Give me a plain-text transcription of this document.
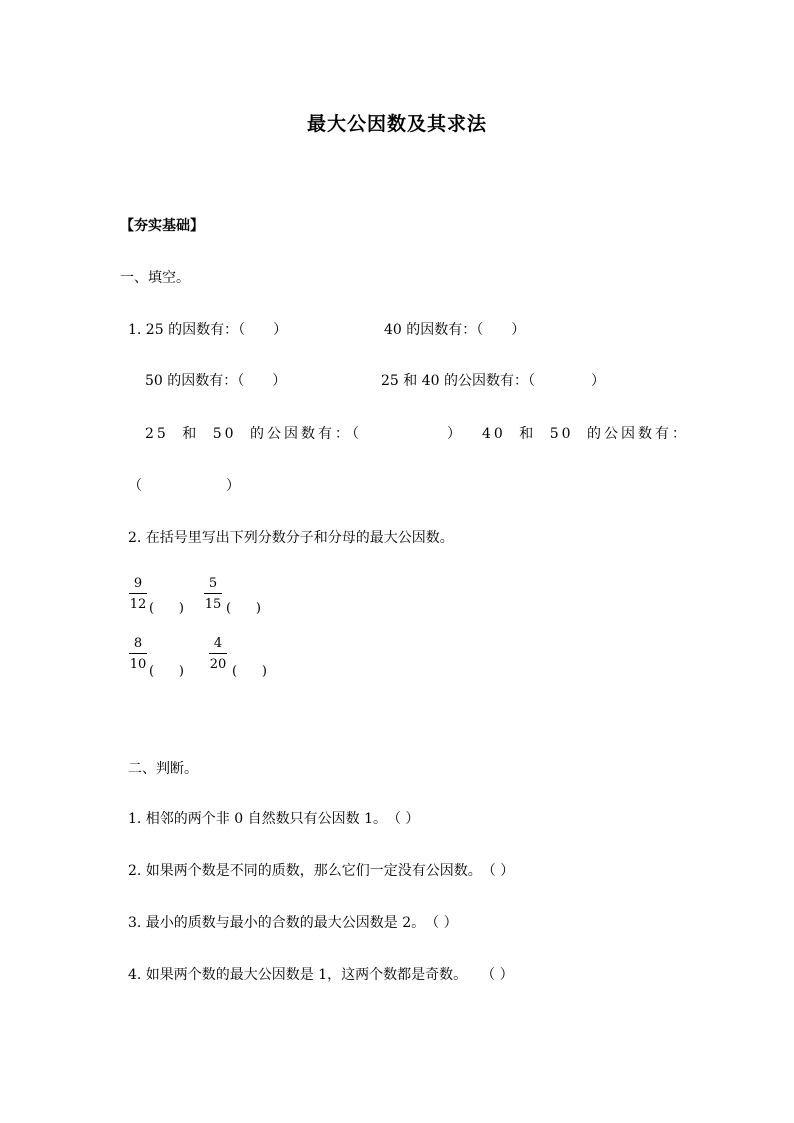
最大公因数及其求法
【夯实基础】
一、填空。
1. 25 的因数有：（　　）	40 的因数有：（　　）
50 的因数有：（　　）	25 和 40 的公因数有：（　　　　）
25 和 50 的公因数有：（　　　　　） 40 和 50 的公因数有：
（　　　　　　）
2. 在括号里写出下列分数分子和分母的最大公因数。
$\frac{9}{12}$ (      ) $\frac{5}{15}$ (      )
$\frac{8}{10}$
(      )
$\frac{4}{20}$
(      )
二、判断。
1. 相邻的两个非 0 自然数只有公因数 1。　（ ）
2. 如果两个数是不同的质数，那么它们一定没有公因数。　（ ）
3. 最小的质数与最小的合数的最大公因数是 2。　（ ）
4. 如果两个数的最大公因数是 1，这两个数都是奇数。　　（ ）
